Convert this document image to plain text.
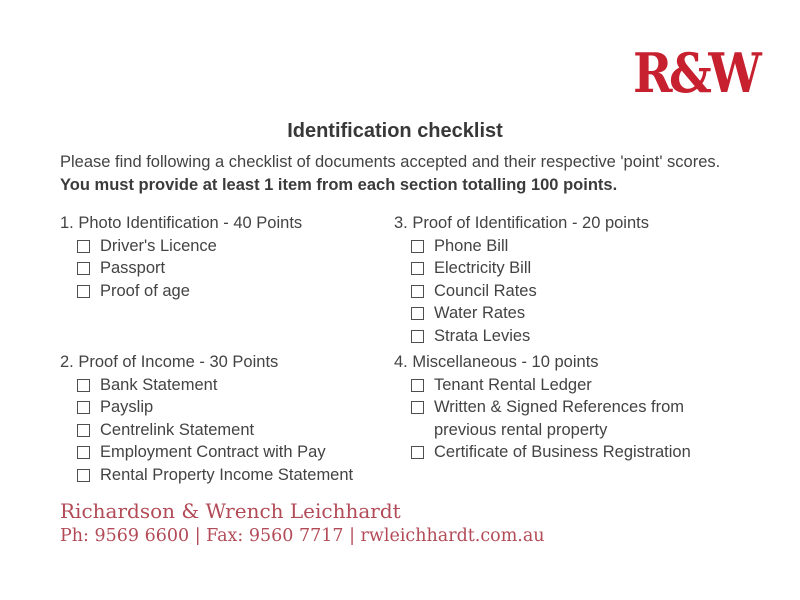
R&W
Identification checklist
Please find following a checklist of documents accepted and their respective 'point' scores.
You must provide at least 1 item from each section totalling 100 points.

1. Photo Identification - 40 Points

Driver's Licence
Passport
Proof of age

2. Proof of Income - 30 Points

Bank Statement
Payslip
Centrelink Statement
Employment Contract with Pay
Rental Property Income Statement

3. Proof of Identification - 20 points

Phone Bill
Electricity Bill
Council Rates
Water Rates
Strata Levies

4. Miscellaneous - 10 points

Tenant Rental Ledger
Written & Signed References from previous rental property
Certificate of Business Registration
Richardson & Wrench Leichhardt
Ph: 9569 6600 | Fax: 9560 7717 | rwleichhardt.com.au
